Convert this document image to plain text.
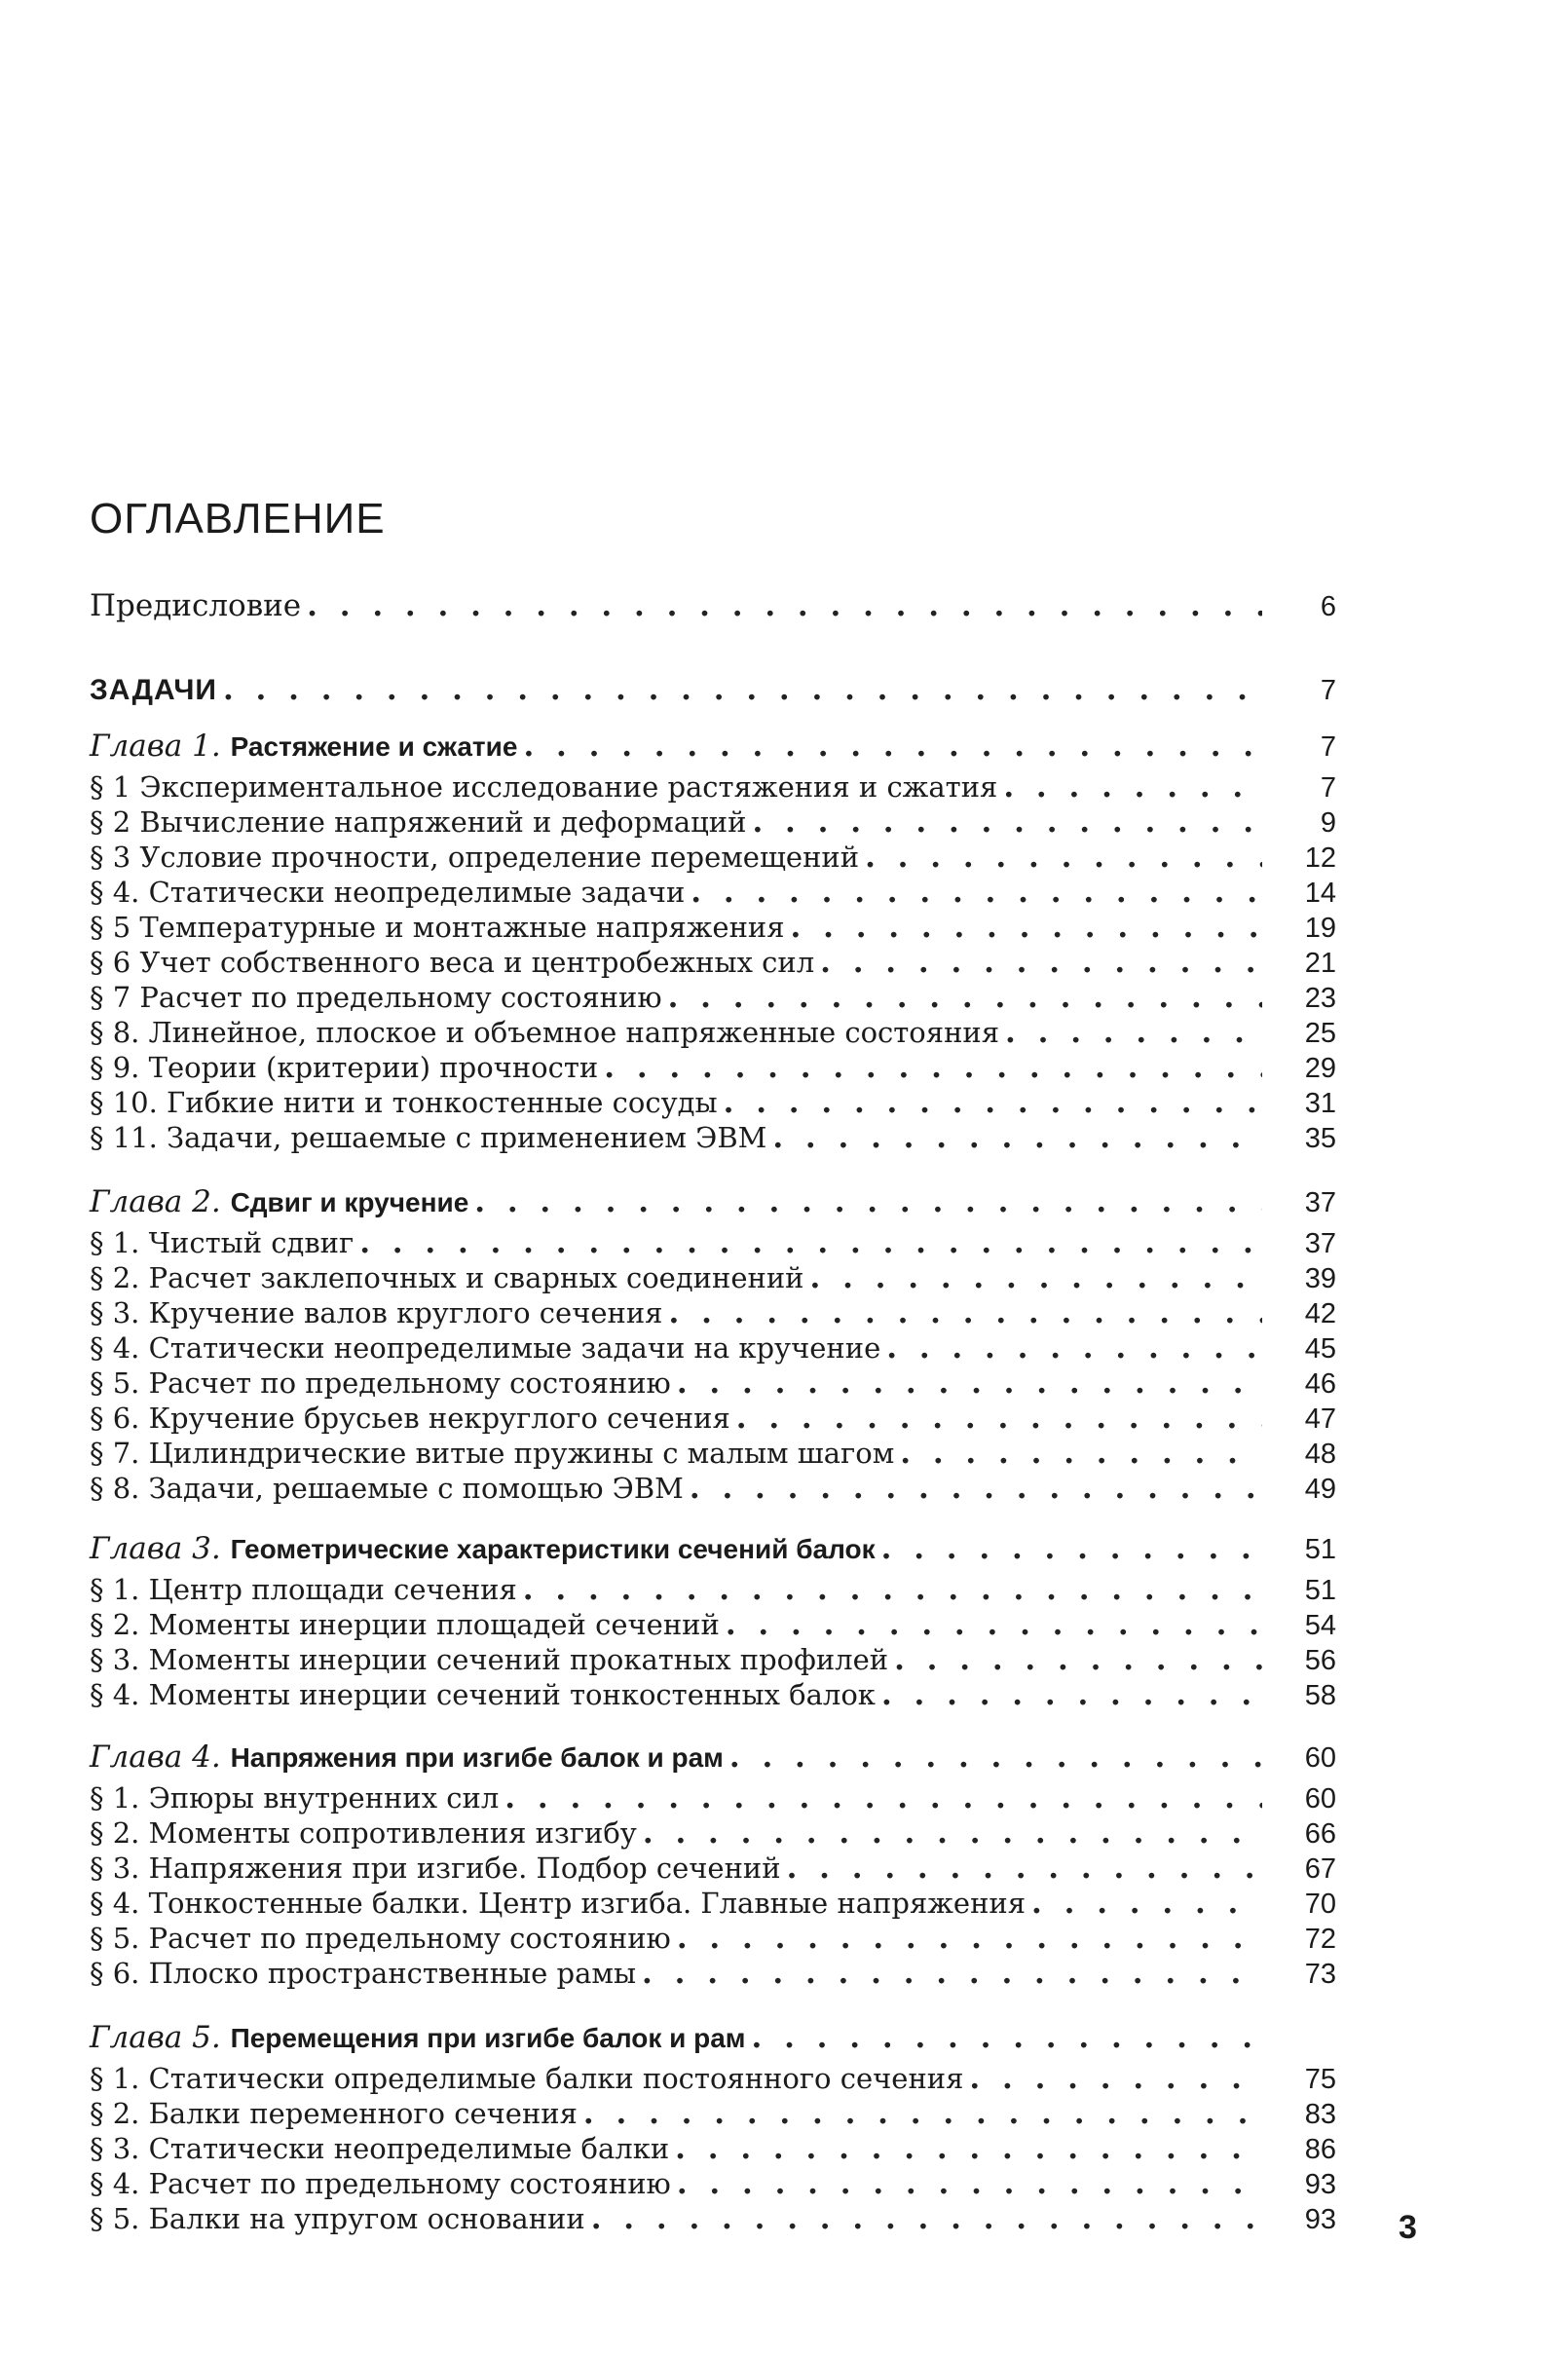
ОГЛАВЛЕНИЕ
Предисловие . . .	6
ЗАДАЧИ . . .	7
Глава 1. Растяжение и сжатие . . .	7
§ 1 Экспериментальное исследование растяжения и сжатия . . .	7
§ 2 Вычисление напряжений и деформаций . . .	9
§ 3 Условие прочности, определение перемещений . . .	12
§ 4. Статически неопределимые задачи . . .	14
§ 5 Температурные и монтажные напряжения . . .	19
§ 6 Учет собственного веса и центробежных сил . . .	21
§ 7 Расчет по предельному состоянию . . .	23
§ 8. Линейное, плоское и объемное напряженные состояния . . .	25
§ 9. Теории (критерии) прочности . . .	29
§ 10. Гибкие нити и тонкостенные сосуды . . .	31
§ 11. Задачи, решаемые с применением ЭВМ . . .	35
Глава 2. Сдвиг и кручение . . .	37
§ 1. Чистый сдвиг . . .	37
§ 2. Расчет заклепочных и сварных соединений . . .	39
§ 3. Кручение валов круглого сечения . . .	42
§ 4. Статически неопределимые задачи на кручение . . .	45
§ 5. Расчет по предельному состоянию . . .	46
§ 6. Кручение брусьев некруглого сечения . . .	47
§ 7. Цилиндрические витые пружины с малым шагом . . .	48
§ 8. Задачи, решаемые с помощью ЭВМ . . .	49
Глава 3. Геометрические характеристики сечений балок . . .	51
§ 1. Центр площади сечения . . .	51
§ 2. Моменты инерции площадей сечений . . .	54
§ 3. Моменты инерции сечений прокатных профилей . . .	56
§ 4. Моменты инерции сечений тонкостенных балок . . .	58
Глава 4. Напряжения при изгибе балок и рам . . .	60
§ 1. Эпюры внутренних сил . . .	60
§ 2. Моменты сопротивления изгибу . . .	66
§ 3. Напряжения при изгибе. Подбор сечений . . .	67
§ 4. Тонкостенные балки. Центр изгиба. Главные напряжения . . .	70
§ 5. Расчет по предельному состоянию . . .	72
§ 6. Плоско пространственные рамы . . .	73
Глава 5. Перемещения при изгибе балок и рам
. . .
§ 1. Статически определимые балки постоянного сечения . . .	75
§ 2. Балки переменного сечения . . .	83
§ 3. Статически неопределимые балки . . .	86
§ 4. Расчет по предельному состоянию . . .	93
§ 5. Балки на упругом основании . . .	93 3
